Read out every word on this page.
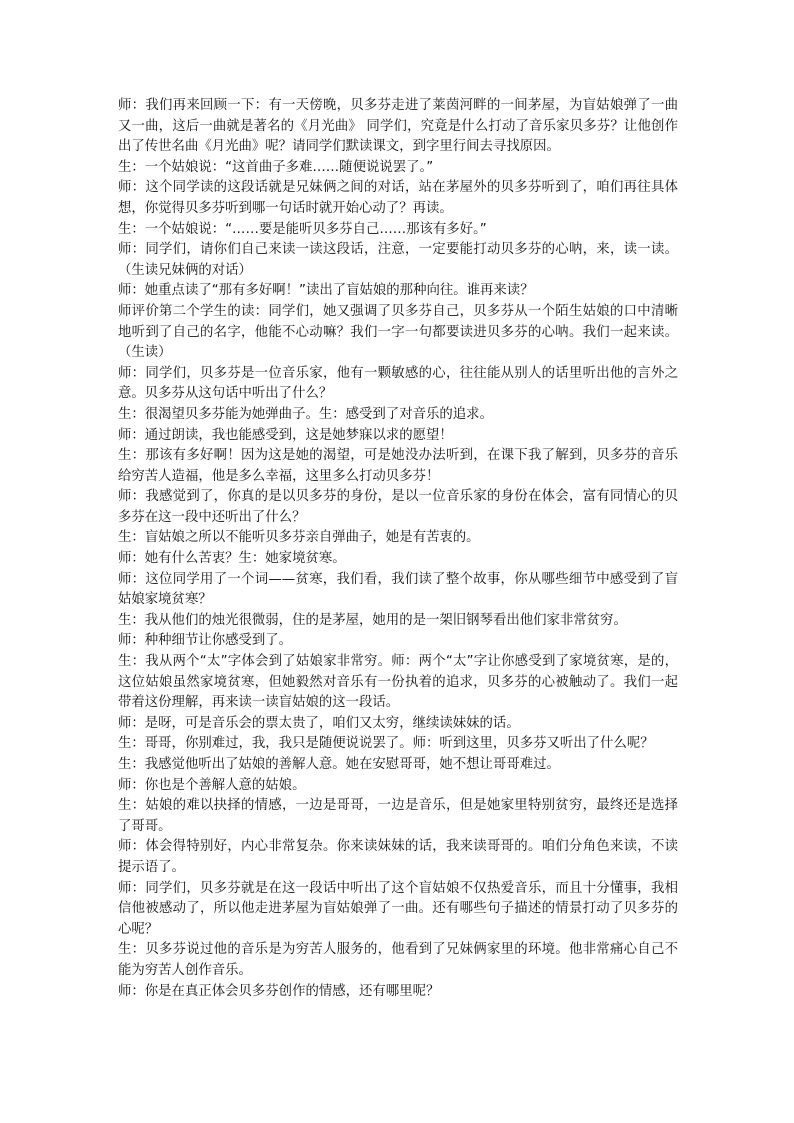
师：我们再来回顾一下：有一天傍晚，贝多芬走进了莱茵河畔的一间茅屋，为盲姑娘弹了一曲又一曲，这后一曲就是著名的《月光曲》 同学们，究竟是什么打动了音乐家贝多芬？让他创作出了传世名曲《月光曲》呢？请同学们默读课文，到字里行间去寻找原因。

生：一个姑娘说：“这首曲子多难……随便说说罢了。”

师：这个同学读的这段话就是兄妹俩之间的对话，站在茅屋外的贝多芬听到了，咱们再往具体想，你觉得贝多芬听到哪一句话时就开始心动了？再读。

生：一个姑娘说：“……要是能听贝多芬自己……那该有多好。”

师：同学们，请你们自己来读一读这段话，注意，一定要能打动贝多芬的心呐，来，读一读。（生读兄妹俩的对话）

师：她重点读了“那有多好啊！”读出了盲姑娘的那种向往。谁再来读？

师评价第二个学生的读：同学们，她又强调了贝多芬自己，贝多芬从一个陌生姑娘的口中清晰地听到了自己的名字，他能不心动嘛？我们一字一句都要读进贝多芬的心呐。我们一起来读。（生读）

师：同学们，贝多芬是一位音乐家，他有一颗敏感的心，往往能从别人的话里听出他的言外之意。贝多芬从这句话中听出了什么？

生：很渴望贝多芬能为她弹曲子。生：感受到了对音乐的追求。

师：通过朗读，我也能感受到，这是她梦寐以求的愿望！

生：那该有多好啊！因为这是她的渴望，可是她没办法听到，在课下我了解到，贝多芬的音乐给穷苦人造福，他是多么幸福，这里多么打动贝多芬！

师：我感觉到了，你真的是以贝多芬的身份，是以一位音乐家的身份在体会，富有同情心的贝多芬在这一段中还听出了什么？

生：盲姑娘之所以不能听贝多芬亲自弹曲子，她是有苦衷的。

师：她有什么苦衷？生：她家境贫寒。

师：这位同学用了一个词——贫寒，我们看，我们读了整个故事，你从哪些细节中感受到了盲姑娘家境贫寒？

生：我从他们的烛光很微弱，住的是茅屋，她用的是一架旧钢琴看出他们家非常贫穷。

师：种种细节让你感受到了。

生：我从两个“太”字体会到了姑娘家非常穷。师：两个“太”字让你感受到了家境贫寒，是的，这位姑娘虽然家境贫寒，但她毅然对音乐有一份执着的追求，贝多芬的心被触动了。我们一起带着这份理解，再来读一读盲姑娘的这一段话。

师：是呀，可是音乐会的票太贵了，咱们又太穷，继续读妹妹的话。

生：哥哥，你别难过，我，我只是随便说说罢了。师：听到这里，贝多芬又听出了什么呢？

生：我感觉他听出了姑娘的善解人意。她在安慰哥哥，她不想让哥哥难过。

师：你也是个善解人意的姑娘。

生：姑娘的难以抉择的情感，一边是哥哥，一边是音乐，但是她家里特别贫穷，最终还是选择了哥哥。

师：体会得特别好，内心非常复杂。你来读妹妹的话，我来读哥哥的。咱们分角色来读，不读提示语了。

师：同学们，贝多芬就是在这一段话中听出了这个盲姑娘不仅热爱音乐，而且十分懂事，我相信他被感动了，所以他走进茅屋为盲姑娘弹了一曲。还有哪些句子描述的情景打动了贝多芬的心呢？

生：贝多芬说过他的音乐是为穷苦人服务的，他看到了兄妹俩家里的环境。他非常痛心自己不能为穷苦人创作音乐。

师：你是在真正体会贝多芬创作的情感，还有哪里呢？
